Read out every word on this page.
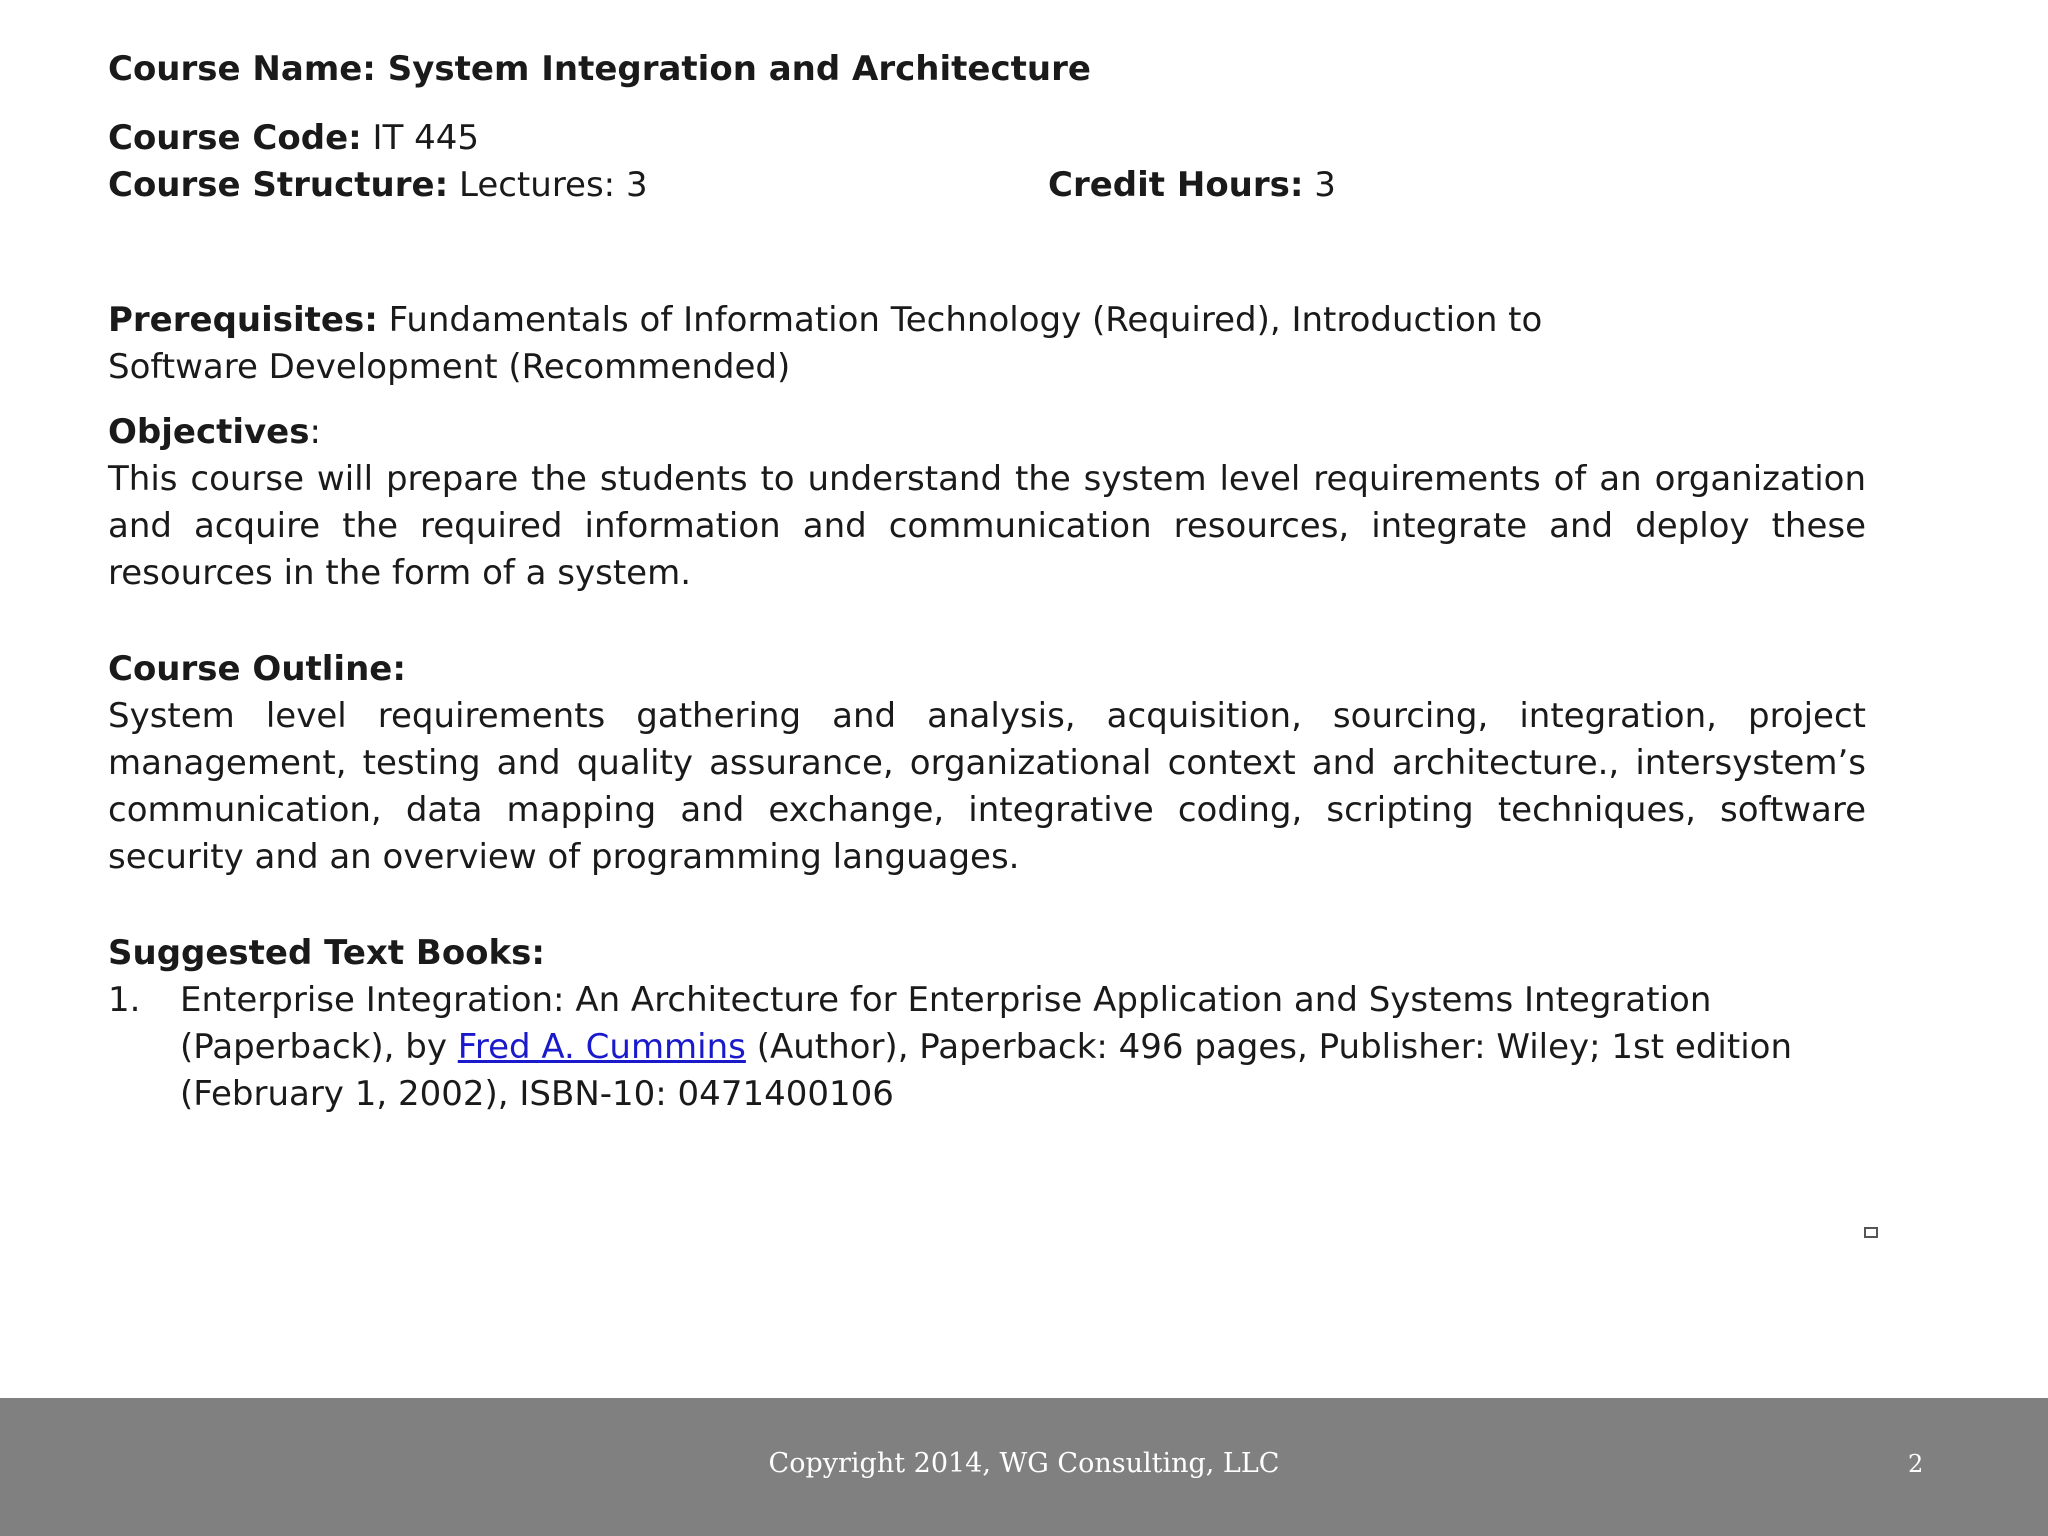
Course Name: System Integration and Architecture
Course Code: IT 445
Course Structure: Lectures: 3	Credit Hours: 3
Prerequisites: Fundamentals of Information Technology (Required), Introduction to
Software Development (Recommended)
Objectives:
This course will prepare the students to understand the system level requirements of an organization and acquire the required information and communication resources, integrate and deploy these resources in the form of a system.
Course Outline:
System level requirements gathering and analysis, acquisition, sourcing, integration, project management, testing and quality assurance, organizational context and architecture., intersystem’s communication, data mapping and exchange, integrative coding, scripting techniques, software security and an overview of programming languages.
Suggested Text Books:
1. Enterprise Integration: An Architecture for Enterprise Application and Systems Integration (Paperback), by Fred A. Cummins (Author), Paperback: 496 pages, Publisher: Wiley; 1st edition (February 1, 2002), ISBN-10: 0471400106
Copyright 2014, WG Consulting, LLC	2
